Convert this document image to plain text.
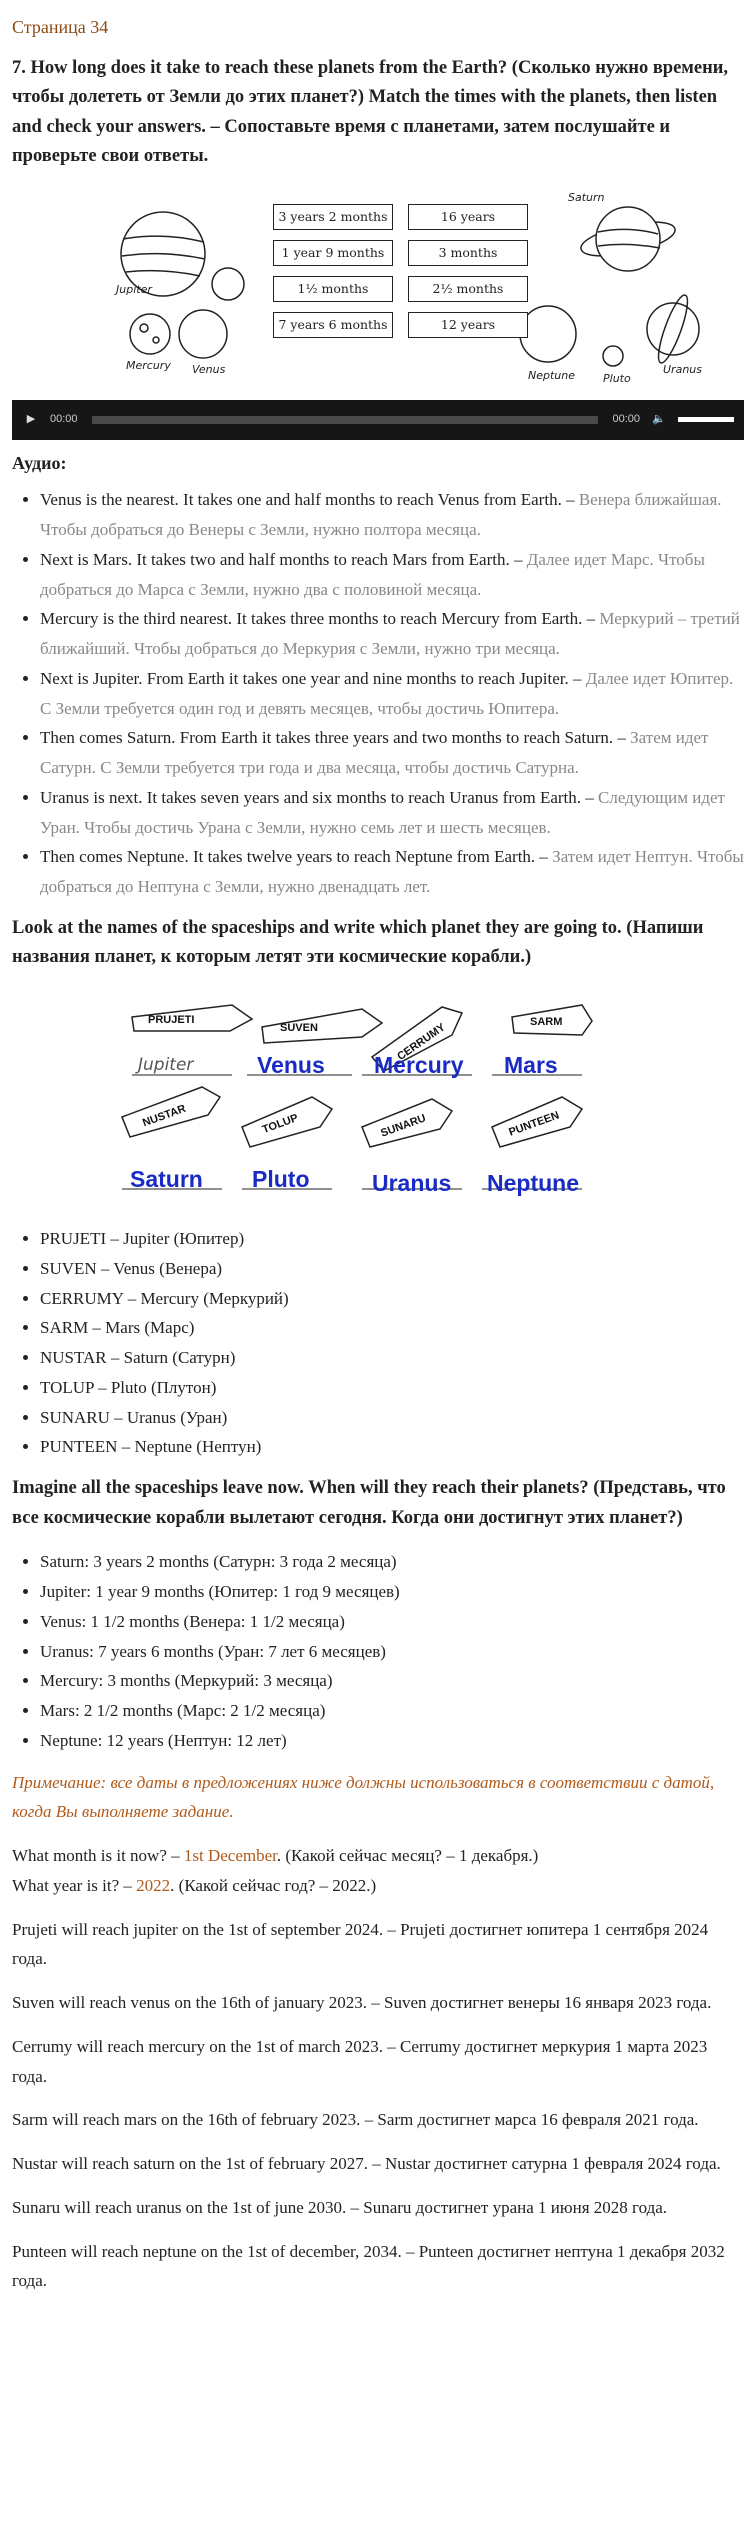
Страница 34
7. How long does it take to reach these planets from the Earth? (Сколько нужно времени, чтобы долететь от Земли до этих планет?) Match the times with the planets, then listen and check your answers. – Сопоставьте время с планетами, затем послушайте и проверьте свои ответы.
Jupiter
Mercury Venus
Saturn
Uranus
Neptune	Pluto
3 years 2 months
1 year 9 months
1½ months
7 years 6 months
16 years
3 months
2½ months
12 years
▶	00:00	00:00 🔈
Аудио:
• Venus is the nearest. It takes one and half months to reach Venus from Earth. – Венера ближайшая. Чтобы добраться до Венеры с Земли, нужно полтора месяца.
• Next is Mars. It takes two and half months to reach Mars from Earth. – Далее идет Марс. Чтобы добраться до Марса с Земли, нужно два с половиной месяца.
• Mercury is the third nearest. It takes three months to reach Mercury from Earth. – Меркурий – третий ближайший. Чтобы добраться до Меркурия с Земли, нужно три месяца.
• Next is Jupiter. From Earth it takes one year and nine months to reach Jupiter. – Далее идет Юпитер. С Земли требуется один год и девять месяцев, чтобы достичь Юпитера.
• Then comes Saturn. From Earth it takes three years and two months to reach Saturn. – Затем идет Сатурн. С Земли требуется три года и два месяца, чтобы достичь Сатурна.
• Uranus is next. It takes seven years and six months to reach Uranus from Earth. – Следующим идет Уран. Чтобы достичь Урана с Земли, нужно семь лет и шесть месяцев.
• Then comes Neptune. It takes twelve years to reach Neptune from Earth. – Затем идет Нептун. Чтобы добраться до Нептуна с Земли, нужно двенадцать лет.
Look at the names of the spaceships and write which planet they are going to. (Напиши названия планет, к которым летят эти космические корабли.)
PRUJETI
SUVEN	CERRUMY	SARM
NUSTAR	TOLUP	SUNARU	PUNTEEN
Jupiter	Venus Mercury Mars
Saturn Pluto	Uranus Neptune
• PRUJETI – Jupiter (Юпитер)
• SUVEN – Venus (Венера)
• CERRUMY – Mercury (Меркурий)
• SARM – Mars (Марс)
• NUSTAR – Saturn (Сатурн)
• TOLUP – Pluto (Плутон)
• SUNARU – Uranus (Уран)
• PUNTEEN – Neptune (Нептун)
Imagine all the spaceships leave now. When will they reach their planets? (Представь, что все космические корабли вылетают сегодня. Когда они достигнут этих планет?)
• Saturn: 3 years 2 months (Сатурн: 3 года 2 месяца)
• Jupiter: 1 year 9 months (Юпитер: 1 год 9 месяцев)
• Venus: 1 1/2 months (Венера: 1 1/2 месяца)
• Uranus: 7 years 6 months (Уран: 7 лет 6 месяцев)
• Mercury: 3 months (Меркурий: 3 месяца)
• Mars: 2 1/2 months (Марс: 2 1/2 месяца)
• Neptune: 12 years (Нептун: 12 лет)
Примечание: все даты в предложениях ниже должны использоваться в соответствии с датой, когда Вы выполняете задание.

What month is it now? – 1st December. (Какой сейчас месяц? – 1 декабря.)

What year is it? – 2022. (Какой сейчас год? – 2022.)

Prujeti will reach jupiter on the 1st of september 2024. – Prujeti достигнет юпитера 1 сентября 2024 года.

Suven will reach venus on the 16th of january 2023. – Suven достигнет венеры 16 января 2023 года.

Cerrumy will reach mercury on the 1st of march 2023. – Cerrumy достигнет меркурия 1 марта 2023 года.

Sarm will reach mars on the 16th of february 2023. – Sarm достигнет марса 16 февраля 2021 года.

Nustar will reach saturn on the 1st of february 2027. – Nustar достигнет сатурна 1 февраля 2024 года.

Sunaru will reach uranus on the 1st of june 2030. – Sunaru достигнет урана 1 июня 2028 года.

Punteen will reach neptune on the 1st of december, 2034. – Punteen достигнет нептуна 1 декабря 2032 года.
